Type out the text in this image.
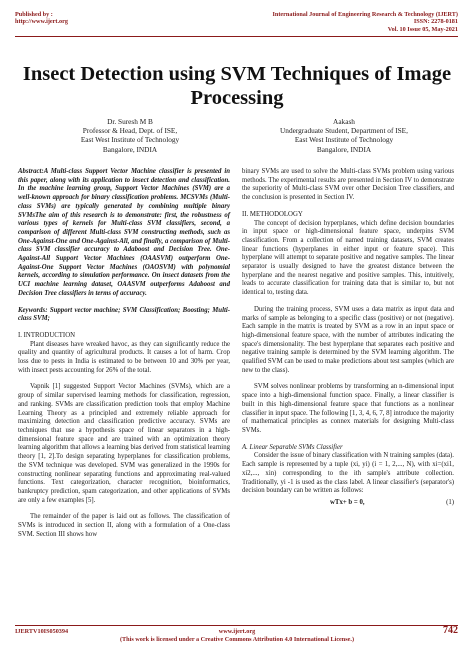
Published by :
http://www.ijert.org
International Journal of Engineering Research & Technology (IJERT)
ISSN: 2278-0181
Vol. 10 Issue 05, May-2021
Insect Detection using SVM Techniques of Image Processing
Dr. Suresh M B
Professor & Head, Dept. of ISE,
East West Institute of Technology
Bangalore, INDIA
Aakash
Undergraduate Student, Department of ISE,
East West Institute of Technology
Bangalore, INDIA

Abstract:A Multi-class Support Vector Machine classifier is presented in this paper, along with its application to insect detection and classification. In the machine learning group, Support Vector Machines (SVM) are a well-known approach for binary classification problems. MCSVMs (Multi-class SVMs) are typically generated by combining multiple binary SVMsThe aim of this research is to demonstrate: first, the robustness of various types of kernels for Multi-class SVM classifiers, second, a comparison of different Multi-class SVM constructing methods, such as One-Against-One and One-Against-All, and finally, a comparison of Multi-class SVM classifier accuracy to Adaboost and Decision Tree. One-Against-All Support Vector Machines (OAASVM) outperform One-Against-One Support Vector Machines (OAOSVM) with polynomial kernels, according to simulation performance. On insect datasets from the UCI machine learning dataset, OAASVM outperforms Adaboost and Decision Tree classifiers in terms of accuracy.

Keywords: Support vector machine; SVM Classification; Boosting; Multi-class SVM;

I. INTRODUCTION

Plant diseases have wreaked havoc, as they can significantly reduce the quality and quantity of agricultural products. It causes a lot of harm. Crop loss due to pests in India is estimated to be between 10 and 30% per year, with insect pests accounting for 26% of the total.

Vapnik [1] suggested Support Vector Machines (SVMs), which are a group of similar supervised learning methods for classification, regression, and ranking. SVMs are classification prediction tools that employ Machine Learning Theory as a principled and extremely reliable approach for maximizing detection and classification predictive accuracy. SVMs are techniques that use a hypothesis space of linear separators in a high-dimensional feature space and are trained with an optimization theory learning algorithm that allows a learning bias derived from statistical learning theory [1, 2].To design separating hyperplanes for classification problems, the SVM technique was developed. SVM was generalized in the 1990s for constructing nonlinear separating functions and approximating real-valued functions. Text categorization, character recognition, bioinformatics, bankruptcy prediction, spam categorization, and other applications of SVMs are only a few examples [5].

The remainder of the paper is laid out as follows. The classification of SVMs is introduced in section II, along with a formulation of a One-class SVM. Section III shows how

binary SVMs are used to solve the Multi-class SVMs problem using various methods. The experimental results are presented in Section IV to demonstrate the superiority of Multi-class SVM over other Decision Tree classifiers, and the conclusion is presented in Section IV.

II. METHODOLOGY

The concept of decision hyperplanes, which define decision boundaries in input space or high-dimensional feature space, underpins SVM classification. From a collection of named training datasets, SVM creates linear functions (hyperplanes in either input or feature space). This hyperplane will attempt to separate positive and negative samples. The linear separator is usually designed to have the greatest distance between the hyperplane and the nearest negative and positive samples. This, intuitively, leads to accurate classification for training data that is similar to, but not identical to, testing data.

During the training process, SVM uses a data matrix as input data and marks of sample as belonging to a specific class (positive) or not (negative). Each sample in the matrix is treated by SVM as a row in an input space or high-dimensional feature space, with the number of attributes indicating the space's dimensionality. The best hyperplane that separates each positive and negative training sample is determined by the SVM learning algorithm. The qualified SVM can be used to make predictions about test samples (which are new to the class).

SVM solves nonlinear problems by transforming an n-dimensional input space into a high-dimensional function space. Finally, a linear classifier is built in this high-dimensional feature space that functions as a nonlinear classifier in input space. The following [1, 3, 4, 6, 7, 8] introduce the majority of mathematical principles as connex materials for designing Multi-class SVMs.

A. Linear Separable SVMs Classifier

Consider the issue of binary classification with N training samples (data). Each sample is represented by a tuple (xi, yi) (i = 1, 2,..., N), with xi=(xi1, xi2,..., xin) corresponding to the ith sample's attribute collection. Traditionally, yi -1 is used as the class label. A linear classifier's (separator's) decision boundary can be written as follows:

wTx+ b = 0,	(1)
IJERTV10IS050394	www.ijert.org	742
(This work is licensed under a Creative Commons Attribution 4.0 International License.)
